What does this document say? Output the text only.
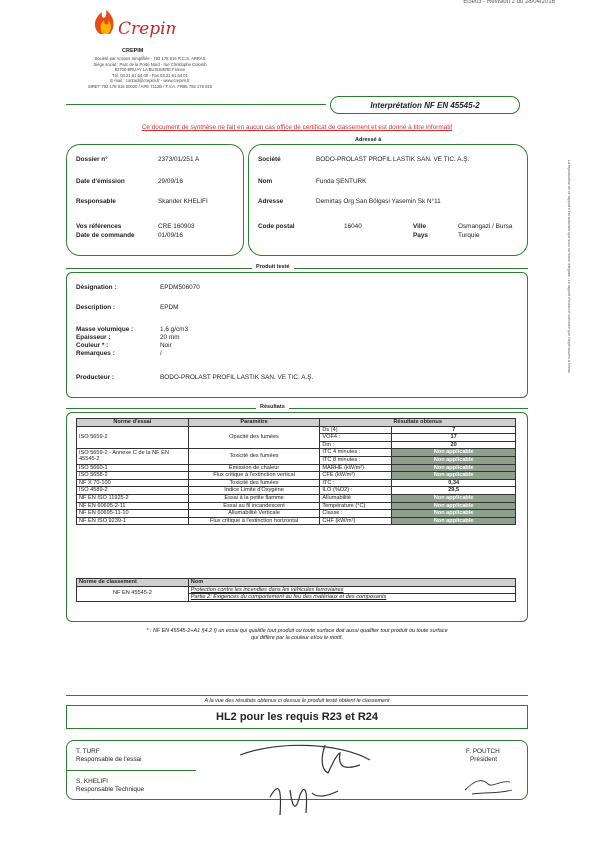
Ecle03 - Révision 2 du 28/04/2016
Crepim
CREPIM
Société par Actions Simplifiée - 792 178 816 R.C.S. ARRAS
Siège social : Parc de la Porte Nord - rue Christophe Colomb
62700 BRUAY LA BUISSIERE France
Tél. 03.21.61.64.00 - Fax 03.21.61.64.01
E-mail : contact@crepim.fr - www.crepim.fr
SIRET 792 178 816 00020 / APE 7112B / T.V.A. FR85 792 178 816
Interprétation NF EN 45545-2
Ce document de synthèse ne fait en aucun cas office de certificat de classement et est donné à titre informatif
Adressé à
Dossier n°	2373/01/251 A
Date d'émission	29/09/16
Responsable	Skander KHELIFI
Vos références	CRE 160903
Date de commande	01/09/16
Société	BODO-PROLAST PROFIL LASTIK SAN. VE TIC. A.Ş.
Nom	Funda ŞENTURK
Adresse	Demirtaş Org San Bölgesi Yasemin Sk N°11
Code postal	16040	Ville	Osmangazi / Bursa
Pays	Turquie
Produit testé
Désignation :	EPDM506070
Description :	EPDM
Masse volumique :	1,6 g/cm3
Epaisseur :	20 mm
Couleur * :	Noir
Remarques :	/
Producteur :	BODO-PROLAST PROFIL LASTIK SAN. VE TIC. A.Ş.
Résultats
Norme d'essai	Paramètre	Résultats obtenus	
ISO 5659-2	Opacité des fumées	Ds (4)	7
		VOF4 :	17
		Dm :	20
ISO 5659-2 - Annexe C de la NF EN 45545-2	Toxicité des fumées	ITC 4 minutes :	Non applicable
		ITC 8 minutes :	Non applicable
ISO 5660-1	Emission de chaleur	MARHE (kW/m²)	Non applicable
ISO 5658-2	Flux critique à l'extinction vertical	CFE (kW/m²)	Non applicable
NF X 70-100	Toxicité des fumées	ITC :	0,34
ISO 4589-2	Indice Limite d'Oxygène	ILO (%O2) :	29,5
NF EN ISO 11925-2	Essai à la petite flamme	Allumabilité	Non applicable
NF EN 60695-2-11	Essai au fil incandescent	Température (°C)	Non applicable
NF EN 60695-11-10	Allumabilité Verticale	Classe :	Non applicable
NF EN ISO 9239-1	Flux critique à l'extinction horizontal	CHF (kW/m²)	Non applicable
Norme de classement	Nom
NF EN 45545-2	Protection contre les incendies dans les véhicules ferroviaires
	Partie 2: Exigences du comportement au feu des matériaux et des composants
* : NF EN 45545-2+A1 §4.2 f) un essai qui qualifie tout produit ou toute surface doit aussi qualifier tout produit ou toute surface
qui diffère par la couleur et/ou le motif.
A la vue des résultats obtenus ci dessus le produit testé obtient le classement
HL2 pour les requis R23 et R24
T. TURF
Responsable de l'essai
S. KHELIFI
Responsable Technique
F. POUTCH
Président
La reproduction de ce rapport n'est autorisée que sous sa forme intégrale - Le rapport d'essai ne concerne que l'objet soumis à l'essai
